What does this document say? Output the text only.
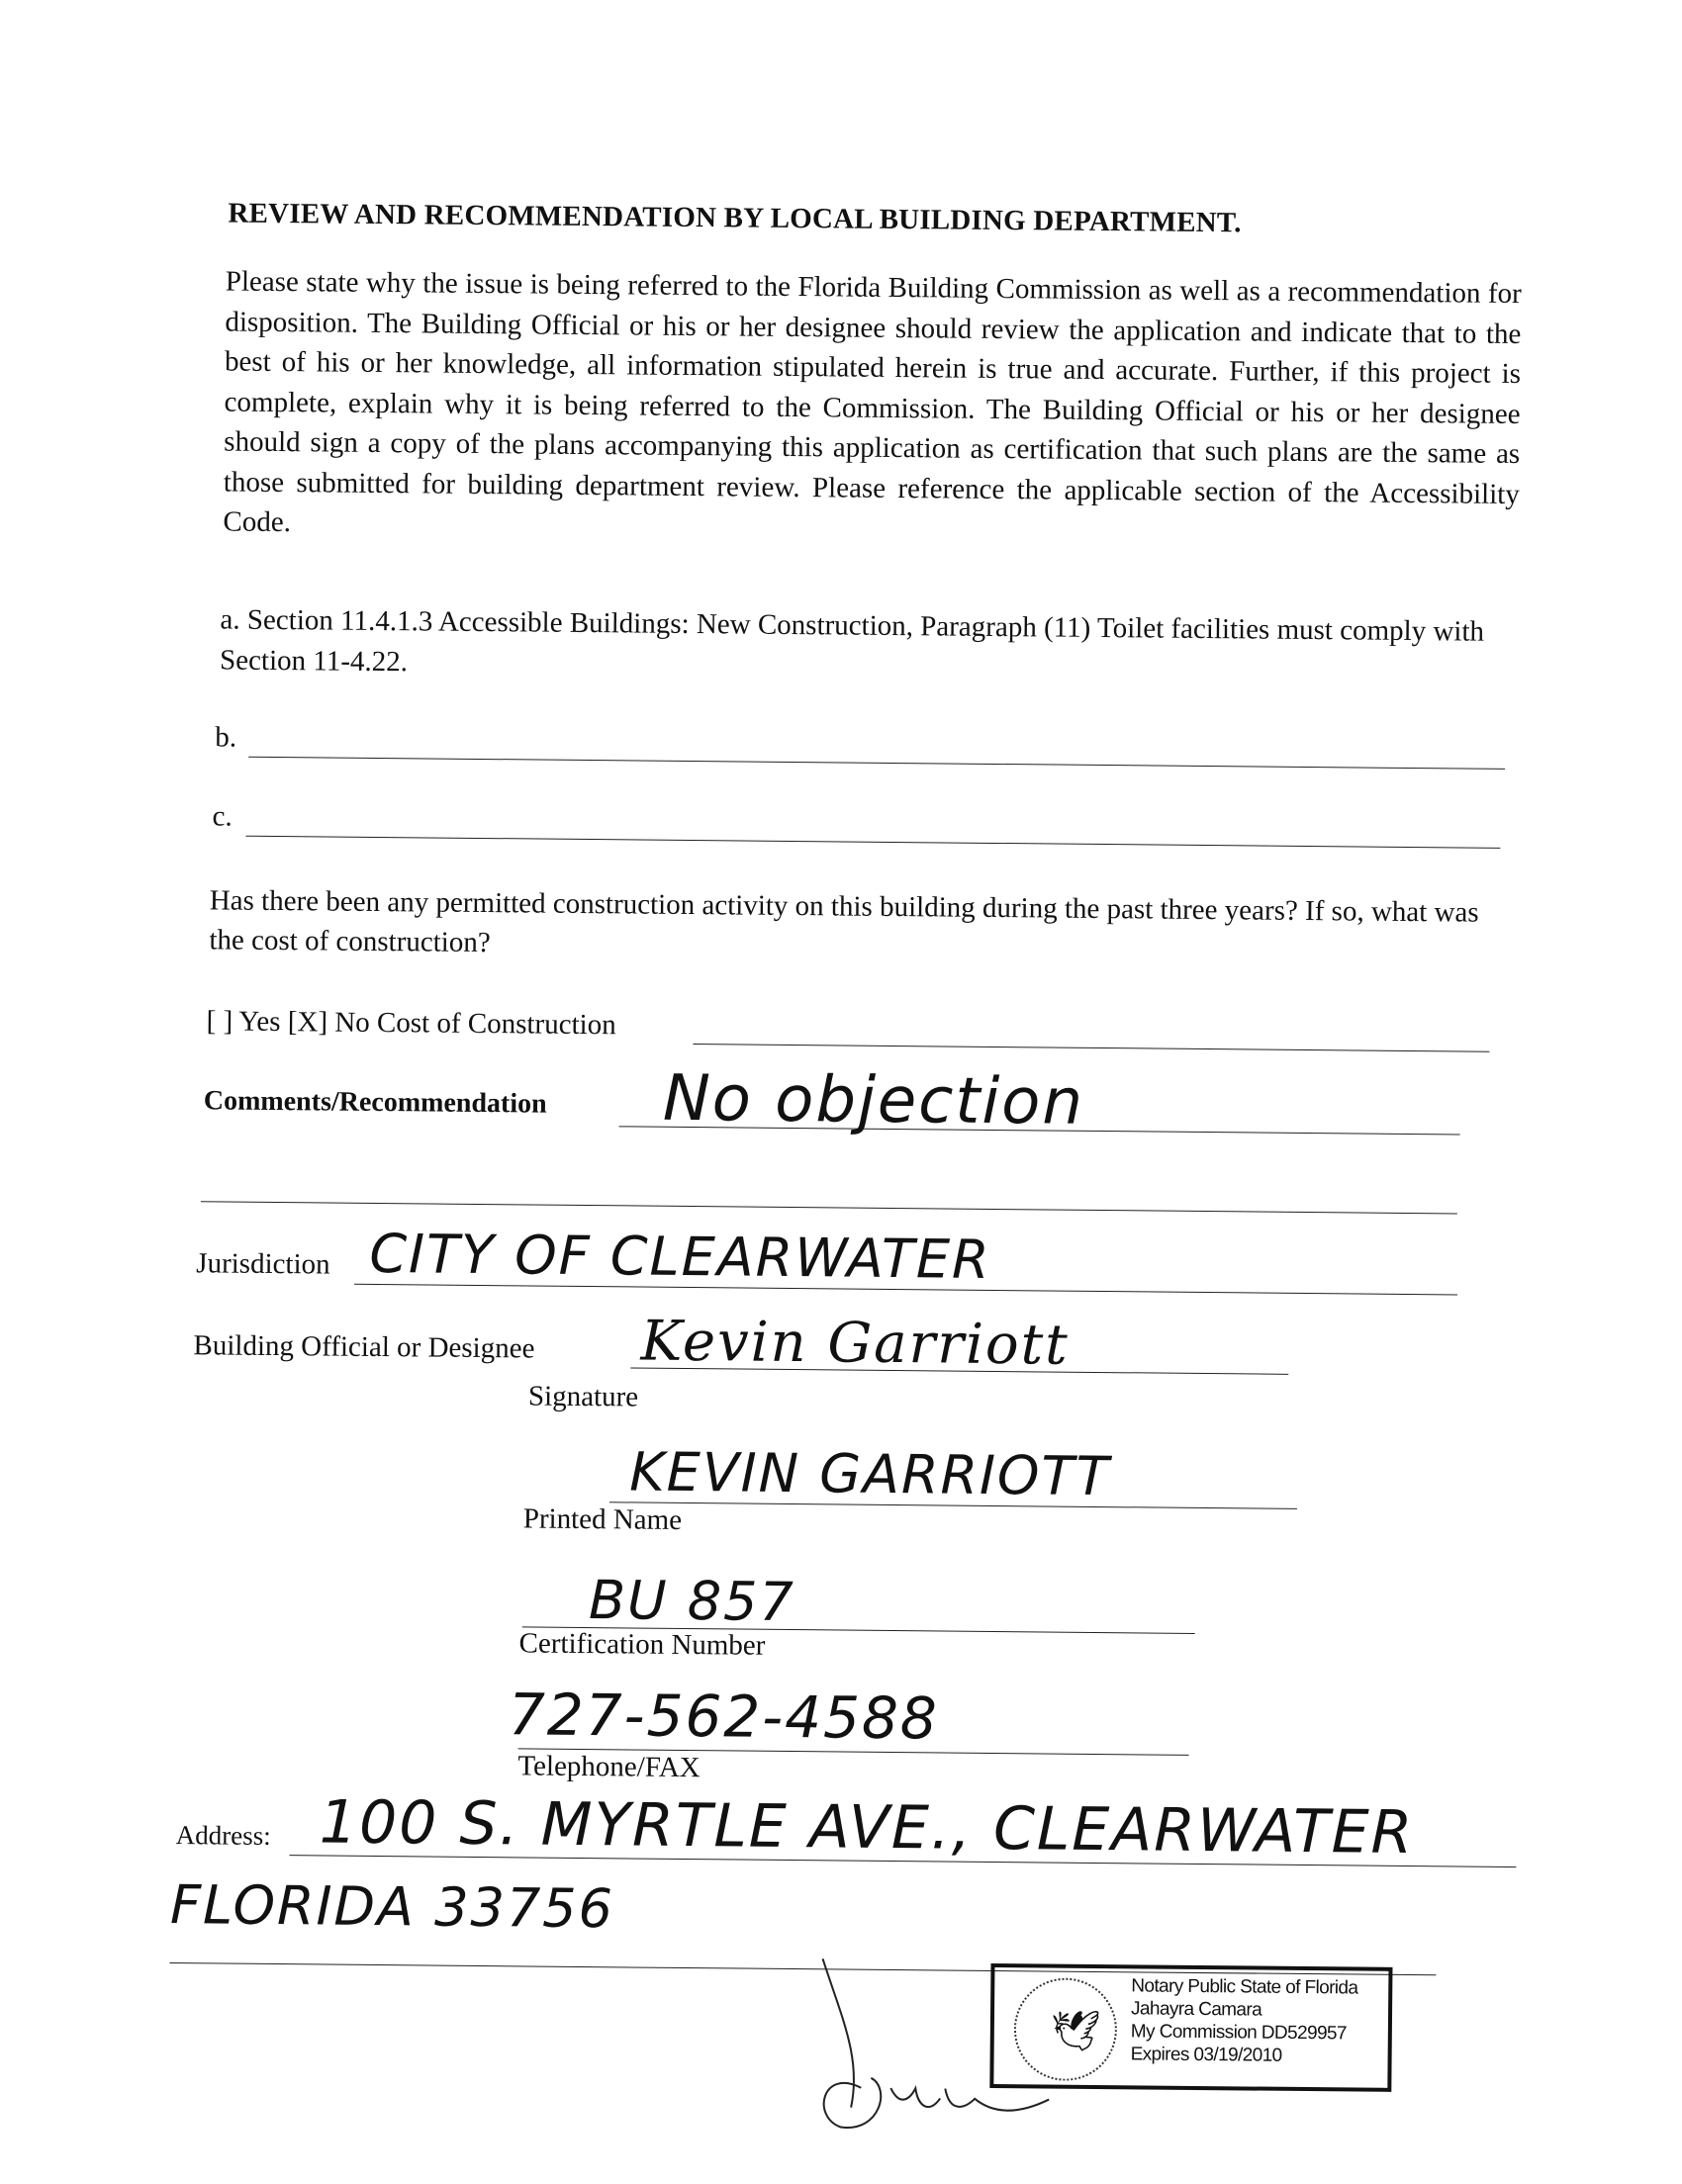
REVIEW AND RECOMMENDATION BY LOCAL BUILDING DEPARTMENT.
Please state why the issue is being referred to the Florida Building Commission as well as a recommendation for disposition. The Building Official or his or her designee should review the application and indicate that to the best of his or her knowledge, all information stipulated herein is true and accurate. Further, if this project is complete, explain why it is being referred to the Commission. The Building Official or his or her designee should sign a copy of the plans accompanying this application as certification that such plans are the same as those submitted for building department review. Please reference the applicable section of the Accessibility Code.
a. Section 11.4.1.3 Accessible Buildings: New Construction, Paragraph (11) Toilet facilities must comply with Section 11-4.22.
b.
c.
Has there been any permitted construction activity on this building during the past three years? If so, what was the cost of construction?
[ ] Yes [X] No Cost of Construction
Comments/Recommendation No objection
Jurisdiction CITY OF CLEARWATER
Building Official or Designee Kevin Garriott
Signature
KEVIN GARRIOTT
Printed Name
BU 857
Certification Number
727-562-4588
Telephone/FAX
Address: 100 S. MYRTLE AVE., CLEARWATER
FLORIDA 33756
🕊
Notary Public State of Florida
Jahayra Camara
My Commission DD529957
Expires 03/19/2010
